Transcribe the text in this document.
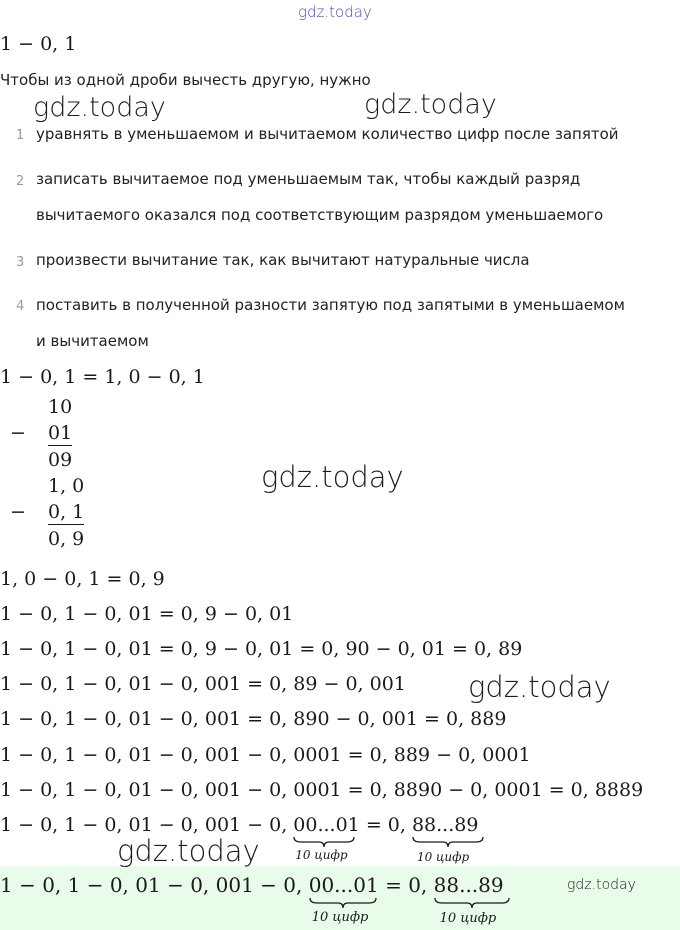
gdz.today
gdz.today	gdz.today
gdz.today
gdz.today
gdz.today
gdz.today
1 − 0, 1
Чтобы из одной дроби вычесть другую, нужно
1 уравнять в уменьшаемом и вычитаемом количество цифр после запятой
2 записать вычитаемое под уменьшаемым так, чтобы каждый разряд
вычитаемого оказался под соответствующим разрядом уменьшаемого
3 произвести вычитание так, как вычитают натуральные числа
4 поставить в полученной разности запятую под запятыми в уменьшаемом
и вычитаемом
1 − 0, 1 = 1, 0 − 0, 1
10
− 01
09
1, 0
− 0, 1
0, 9
1, 0 − 0, 1 = 0, 9
1 − 0, 1 − 0, 01 = 0, 9 − 0, 01
1 − 0, 1 − 0, 01 = 0, 9 − 0, 01 = 0, 90 − 0, 01 = 0, 89
1 − 0, 1 − 0, 01 − 0, 001 = 0, 89 − 0, 001
1 − 0, 1 − 0, 01 − 0, 001 = 0, 890 − 0, 001 = 0, 889
1 − 0, 1 − 0, 01 − 0, 001 − 0, 0001 = 0, 889 − 0, 0001
1 − 0, 1 − 0, 01 − 0, 001 − 0, 0001 = 0, 8890 − 0, 0001 = 0, 8889
1 − 0, 1 − 0, 01 − 0, 001 − 0, 00...01
10 цифр
= 0, 88...89
10 цифр
1 − 0, 1 − 0, 01 − 0, 001 − 0, 00...01
10 цифр
= 0, 88...89
10 цифр
